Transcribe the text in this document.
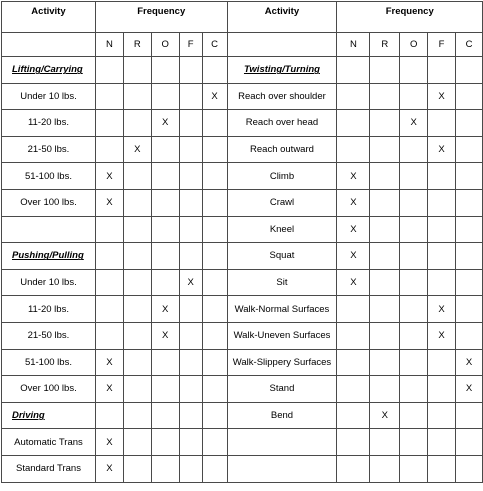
Activity	Frequency					Activity	Frequency				
	N	R	O	F	C		N	R	O	F	C
Lifting/Carrying						Twisting/Turning					
Under 10 lbs.					X	Reach over shoulder				X	
11-20 lbs.			X			Reach over head			X		
21-50 lbs.		X				Reach outward				X	
51-100 lbs.	X					Climb	X				
Over 100 lbs.	X					Crawl	X				
						Kneel	X				
Pushing/Pulling						Squat	X				
Under 10 lbs.				X		Sit	X				
11-20 lbs.			X			Walk-Normal Surfaces				X	
21-50 lbs.			X			Walk-Uneven Surfaces				X	
51-100 lbs.	X					Walk-Slippery Surfaces					X
Over 100 lbs.	X					Stand					X
Driving						Bend		X			
Automatic Trans	X										
Standard Trans	X										
